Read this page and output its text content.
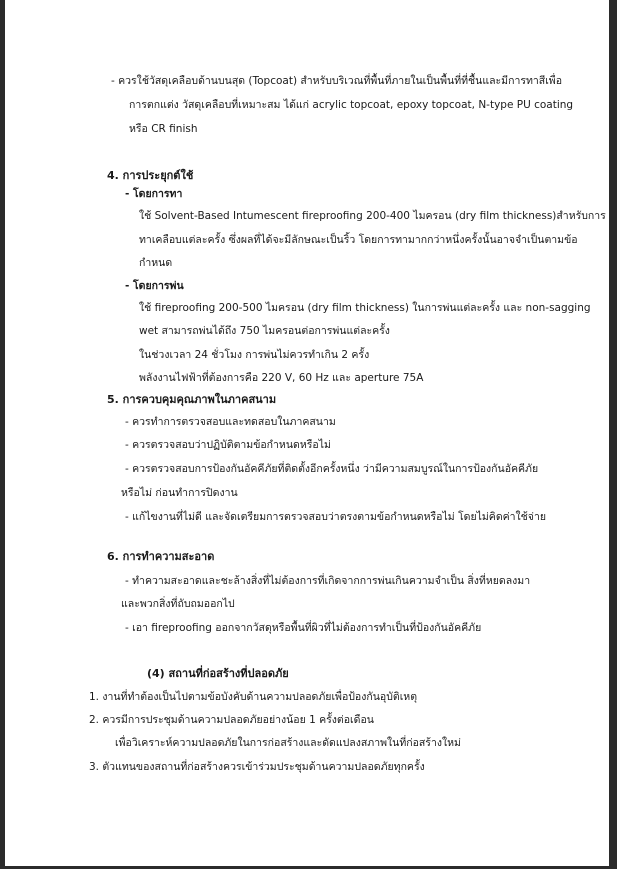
- ควรใช้วัสดุเคลือบด้านบนสุด (Topcoat) สำหรับบริเวณที่พื้นที่ภายในเป็นพื้นที่ที่ชื้นและมีการทาสีเพื่อ
การตกแต่ง วัสดุเคลือบที่เหมาะสม ได้แก่ acrylic topcoat, epoxy topcoat, N-type PU coating
หรือ CR finish
4. การประยุกต์ใช้
- โดยการทา
ใช้ Solvent-Based Intumescent fireproofing 200-400 ไมครอน (dry film thickness)สำหรับการ
ทาเคลือบแต่ละครั้ง ซึ่งผลที่ได้จะมีลักษณะเป็นริ้ว โดยการทามากกว่าหนึ่งครั้งนั้นอาจจำเป็นตามข้อ
กำหนด
- โดยการพ่น
ใช้ fireproofing 200-500 ไมครอน (dry film thickness) ในการพ่นแต่ละครั้ง และ non-sagging
wet สามารถพ่นได้ถึง 750 ไมครอนต่อการพ่นแต่ละครั้ง
ในช่วงเวลา 24 ชั่วโมง การพ่นไม่ควรทำเกิน 2 ครั้ง
พลังงานไฟฟ้าที่ต้องการคือ 220 V, 60 Hz และ aperture 75A
5. การควบคุมคุณภาพในภาคสนาม
- ควรทำการตรวจสอบและทดสอบในภาคสนาม
- ควรตรวจสอบว่าปฏิบัติตามข้อกำหนดหรือไม่
- ควรตรวจสอบการป้องกันอัคคีภัยที่ติดตั้งอีกครั้งหนึ่ง ว่ามีความสมบูรณ์ในการป้องกันอัคคีภัย
หรือไม่ ก่อนทำการปิดงาน
- แก้ไขงานที่ไม่ดี และจัดเตรียมการตรวจสอบว่าตรงตามข้อกำหนดหรือไม่ โดยไม่คิดค่าใช้จ่าย
6. การทำความสะอาด
- ทำความสะอาดและชะล้างสิ่งที่ไม่ต้องการที่เกิดจากการพ่นเกินความจำเป็น สิ่งที่หยดลงมา
และพวกสิ่งที่ถับถมออกไป
- เอา fireproofing ออกจากวัสดุหรือพื้นที่ผิวที่ไม่ต้องการทำเป็นที่ป้องกันอัคคีภัย
(4) สถานที่ก่อสร้างที่ปลอดภัย
1. งานที่ทำต้องเป็นไปตามข้อบังคับด้านความปลอดภัยเพื่อป้องกันอุบัติเหตุ
2. ควรมีการประชุมด้านความปลอดภัยอย่างน้อย 1 ครั้งต่อเดือน
เพื่อวิเคราะห์ความปลอดภัยในการก่อสร้างและดัดแปลงสภาพในที่ก่อสร้างใหม่
3. ตัวแทนของสถานที่ก่อสร้างควรเข้าร่วมประชุมด้านความปลอดภัยทุกครั้ง
